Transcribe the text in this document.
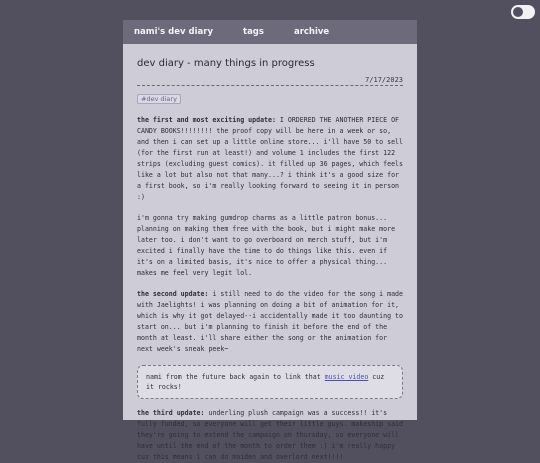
nami's dev diary	tags	archive
dev diary - many things in progress
7/17/2023
#dev diary

the first and most exciting update: I ORDERED THE ANOTHER PIECE OF CANDY BOOKS!!!!!!!! the proof copy will be here in a week or so, and then i can set up a little online store... i'll have 50 to sell (for the first run at least!) and volume 1 includes the first 122 strips (excluding guest comics). it filled up 36 pages, which feels like a lot but also not that many...? i think it's a good size for a first book, so i'm really looking forward to seeing it in person :)

i'm gonna try making gumdrop charms as a little patron bonus... planning on making them free with the book, but i might make more later too. i don't want to go overboard on merch stuff, but i'm excited i finally have the time to do things like this. even if it's on a limited basis, it's nice to offer a physical thing... makes me feel very legit lol.

the second update: i still need to do the video for the song i made with Jaelights! i was planning on doing a bit of animation for it, which is why it got delayed--i accidentally made it too daunting to start on... but i'm planning to finish it before the end of the month at least. i'll share either the song or the animation for next week's sneak peek~

nami from the future back again to link that music video cuz it rocks!

the third update: underling plush campaign was a success!! it's fully funded, so everyone will get their little guys. makeship said they're going to extend the campaign on thursday, so everyone will have until the end of the month to order them :) i'm really happy cuz this means i can do maiden and overlord next!!!!
